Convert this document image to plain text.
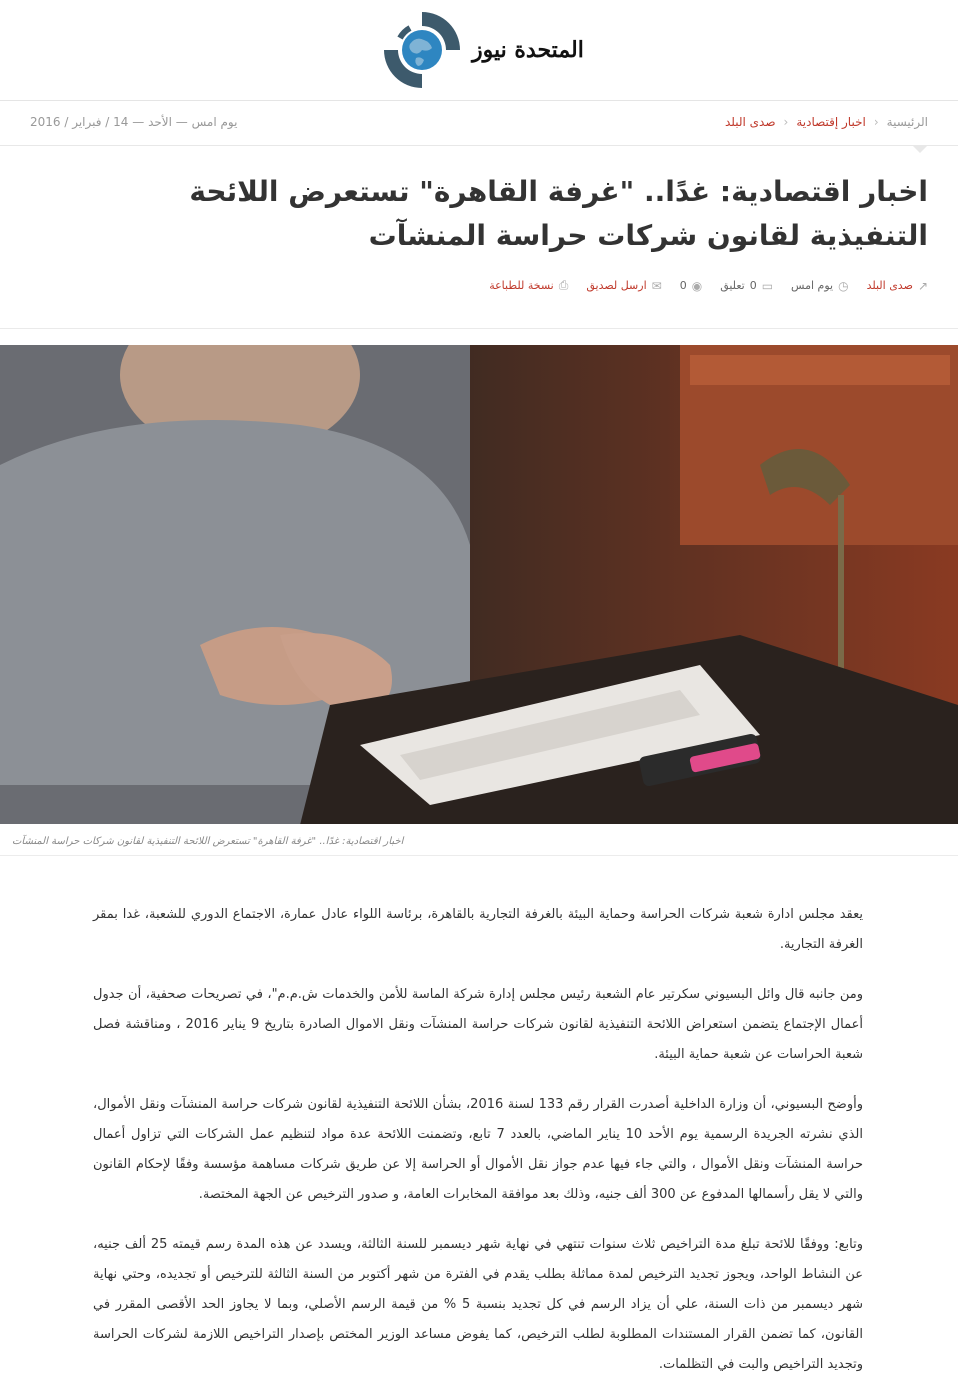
المتحدة نيوز
يوم امس — الأحد — 14 / فبراير / 2016	الرئيسية
‹
اخبار إقتصادية
‹
صدى البلد
اخبار اقتصادية: غدًا.. "غرفة القاهرة" تستعرض اللائحة التنفيذية لقانون شركات حراسة المنشآت
↗
صدى البلد
◷
يوم امس
▭
0
تعليق
◉
0
✉
ارسل لصديق
⎙
نسخة للطباعة
اخبار اقتصادية: غدًا.. "غرفة القاهرة" تستعرض اللائحة التنفيذية لقانون شركات حراسة المنشآت

يعقد مجلس ادارة شعبة شركات الحراسة وحماية البيئة بالغرفة التجارية بالقاهرة، برئاسة اللواء عادل عمارة، الاجتماع الدوري للشعبة، غدا بمقر الغرفة التجارية.

ومن جانبه قال وائل البسيوني سكرتير عام الشعبة رئيس مجلس إدارة شركة الماسة للأمن والخدمات ش.م.م"، في تصريحات صحفية، أن جدول أعمال الإجتماع يتضمن استعراض اللائحة التنفيذية لقانون شركات حراسة المنشآت ونقل الاموال الصادرة بتاريخ 9 يناير 2016 ، ومناقشة فصل شعبة الحراسات عن شعبة حماية البيئة.

وأوضح البسيوني، أن وزارة الداخلية أصدرت القرار رقم 133 لسنة 2016، بشأن اللائحة التنفيذية لقانون شركات حراسة المنشآت ونقل الأموال، الذي نشرته الجريدة الرسمية يوم الأحد 10 يناير الماضي، بالعدد 7 تابع، وتضمنت اللائحة عدة مواد لتنظيم عمل الشركات التي تزاول أعمال حراسة المنشآت ونقل الأموال ، والتي جاء فيها عدم جواز نقل الأموال أو الحراسة إلا عن طريق شركات مساهمة مؤسسة وفقًا لإحكام القانون والتي لا يقل رأسمالها المدفوع عن 300 ألف جنيه، وذلك بعد موافقة المخابرات العامة، و صدور الترخيص عن الجهة المختصة.

وتابع: ووفقًا للائحة تبلغ مدة التراخيص ثلاث سنوات تنتهي في نهاية شهر ديسمبر للسنة الثالثة، ويسدد عن هذه المدة رسم قيمته 25 ألف جنيه، عن النشاط الواحد، ويجوز تجديد الترخيص لمدة مماثلة بطلب يقدم في الفترة من شهر أكتوبر من السنة الثالثة للترخيص أو تجديده، وحتي نهاية شهر ديسمبر من ذات السنة، علي أن يزاد الرسم في كل تجديد بنسبة 5 % من قيمة الرسم الأصلي، وبما لا يجاوز الحد الأقصى المقرر في القانون، كما تضمن القرار المستندات المطلوبة لطلب الترخيص، كما يفوض مساعد الوزير المختص بإصدار التراخيص اللازمة لشركات الحراسة وتجديد التراخيص والبت في التظلمات.
